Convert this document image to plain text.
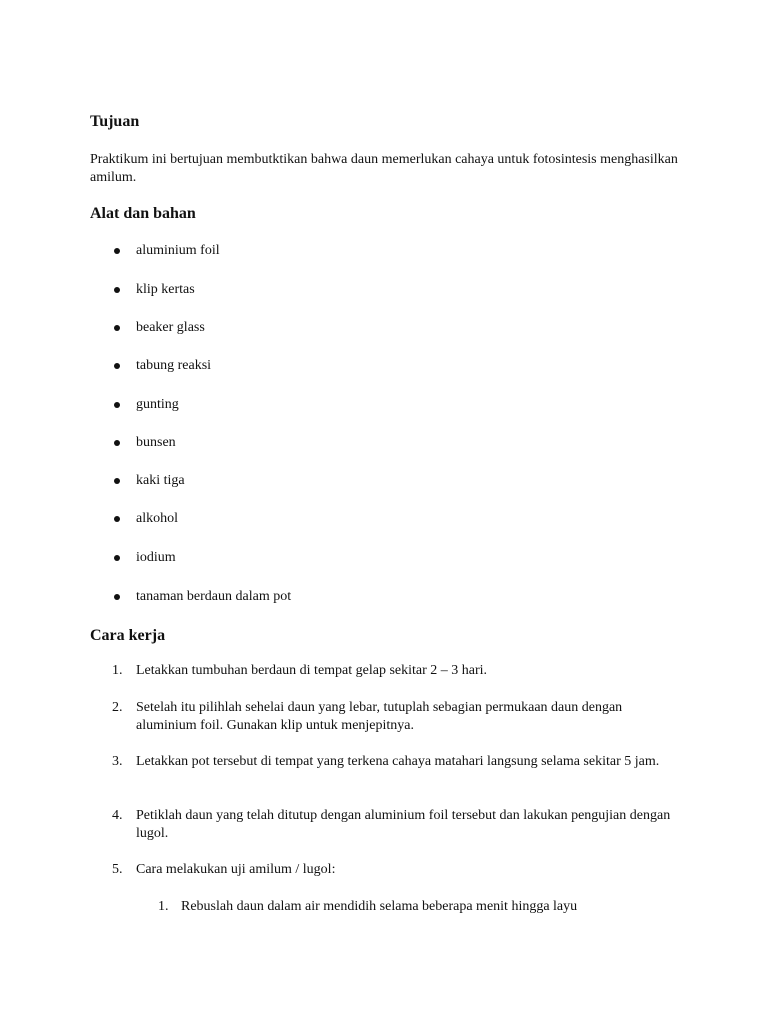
Tujuan

Praktikum ini bertujuan membutktikan bahwa daun memerlukan cahaya untuk fotosintesis menghasilkan amilum.

Alat dan bahan
aluminium foil
klip kertas
beaker glass
tabung reaksi
gunting
bunsen
kaki tiga
alkohol
iodium
tanaman berdaun dalam pot
Cara kerja
1. Letakkan tumbuhan berdaun di tempat gelap sekitar 2 – 3 hari.
2. Setelah itu pilihlah sehelai daun yang lebar, tutuplah sebagian permukaan daun dengan aluminium foil. Gunakan klip untuk menjepitnya.
3. Letakkan pot tersebut di tempat yang terkena cahaya matahari langsung selama sekitar 5 jam.
4. Petiklah daun yang telah ditutup dengan aluminium foil tersebut dan lakukan pengujian dengan lugol.
5. Cara melakukan uji amilum / lugol:
1. Rebuslah daun dalam air mendidih selama beberapa menit hingga layu
